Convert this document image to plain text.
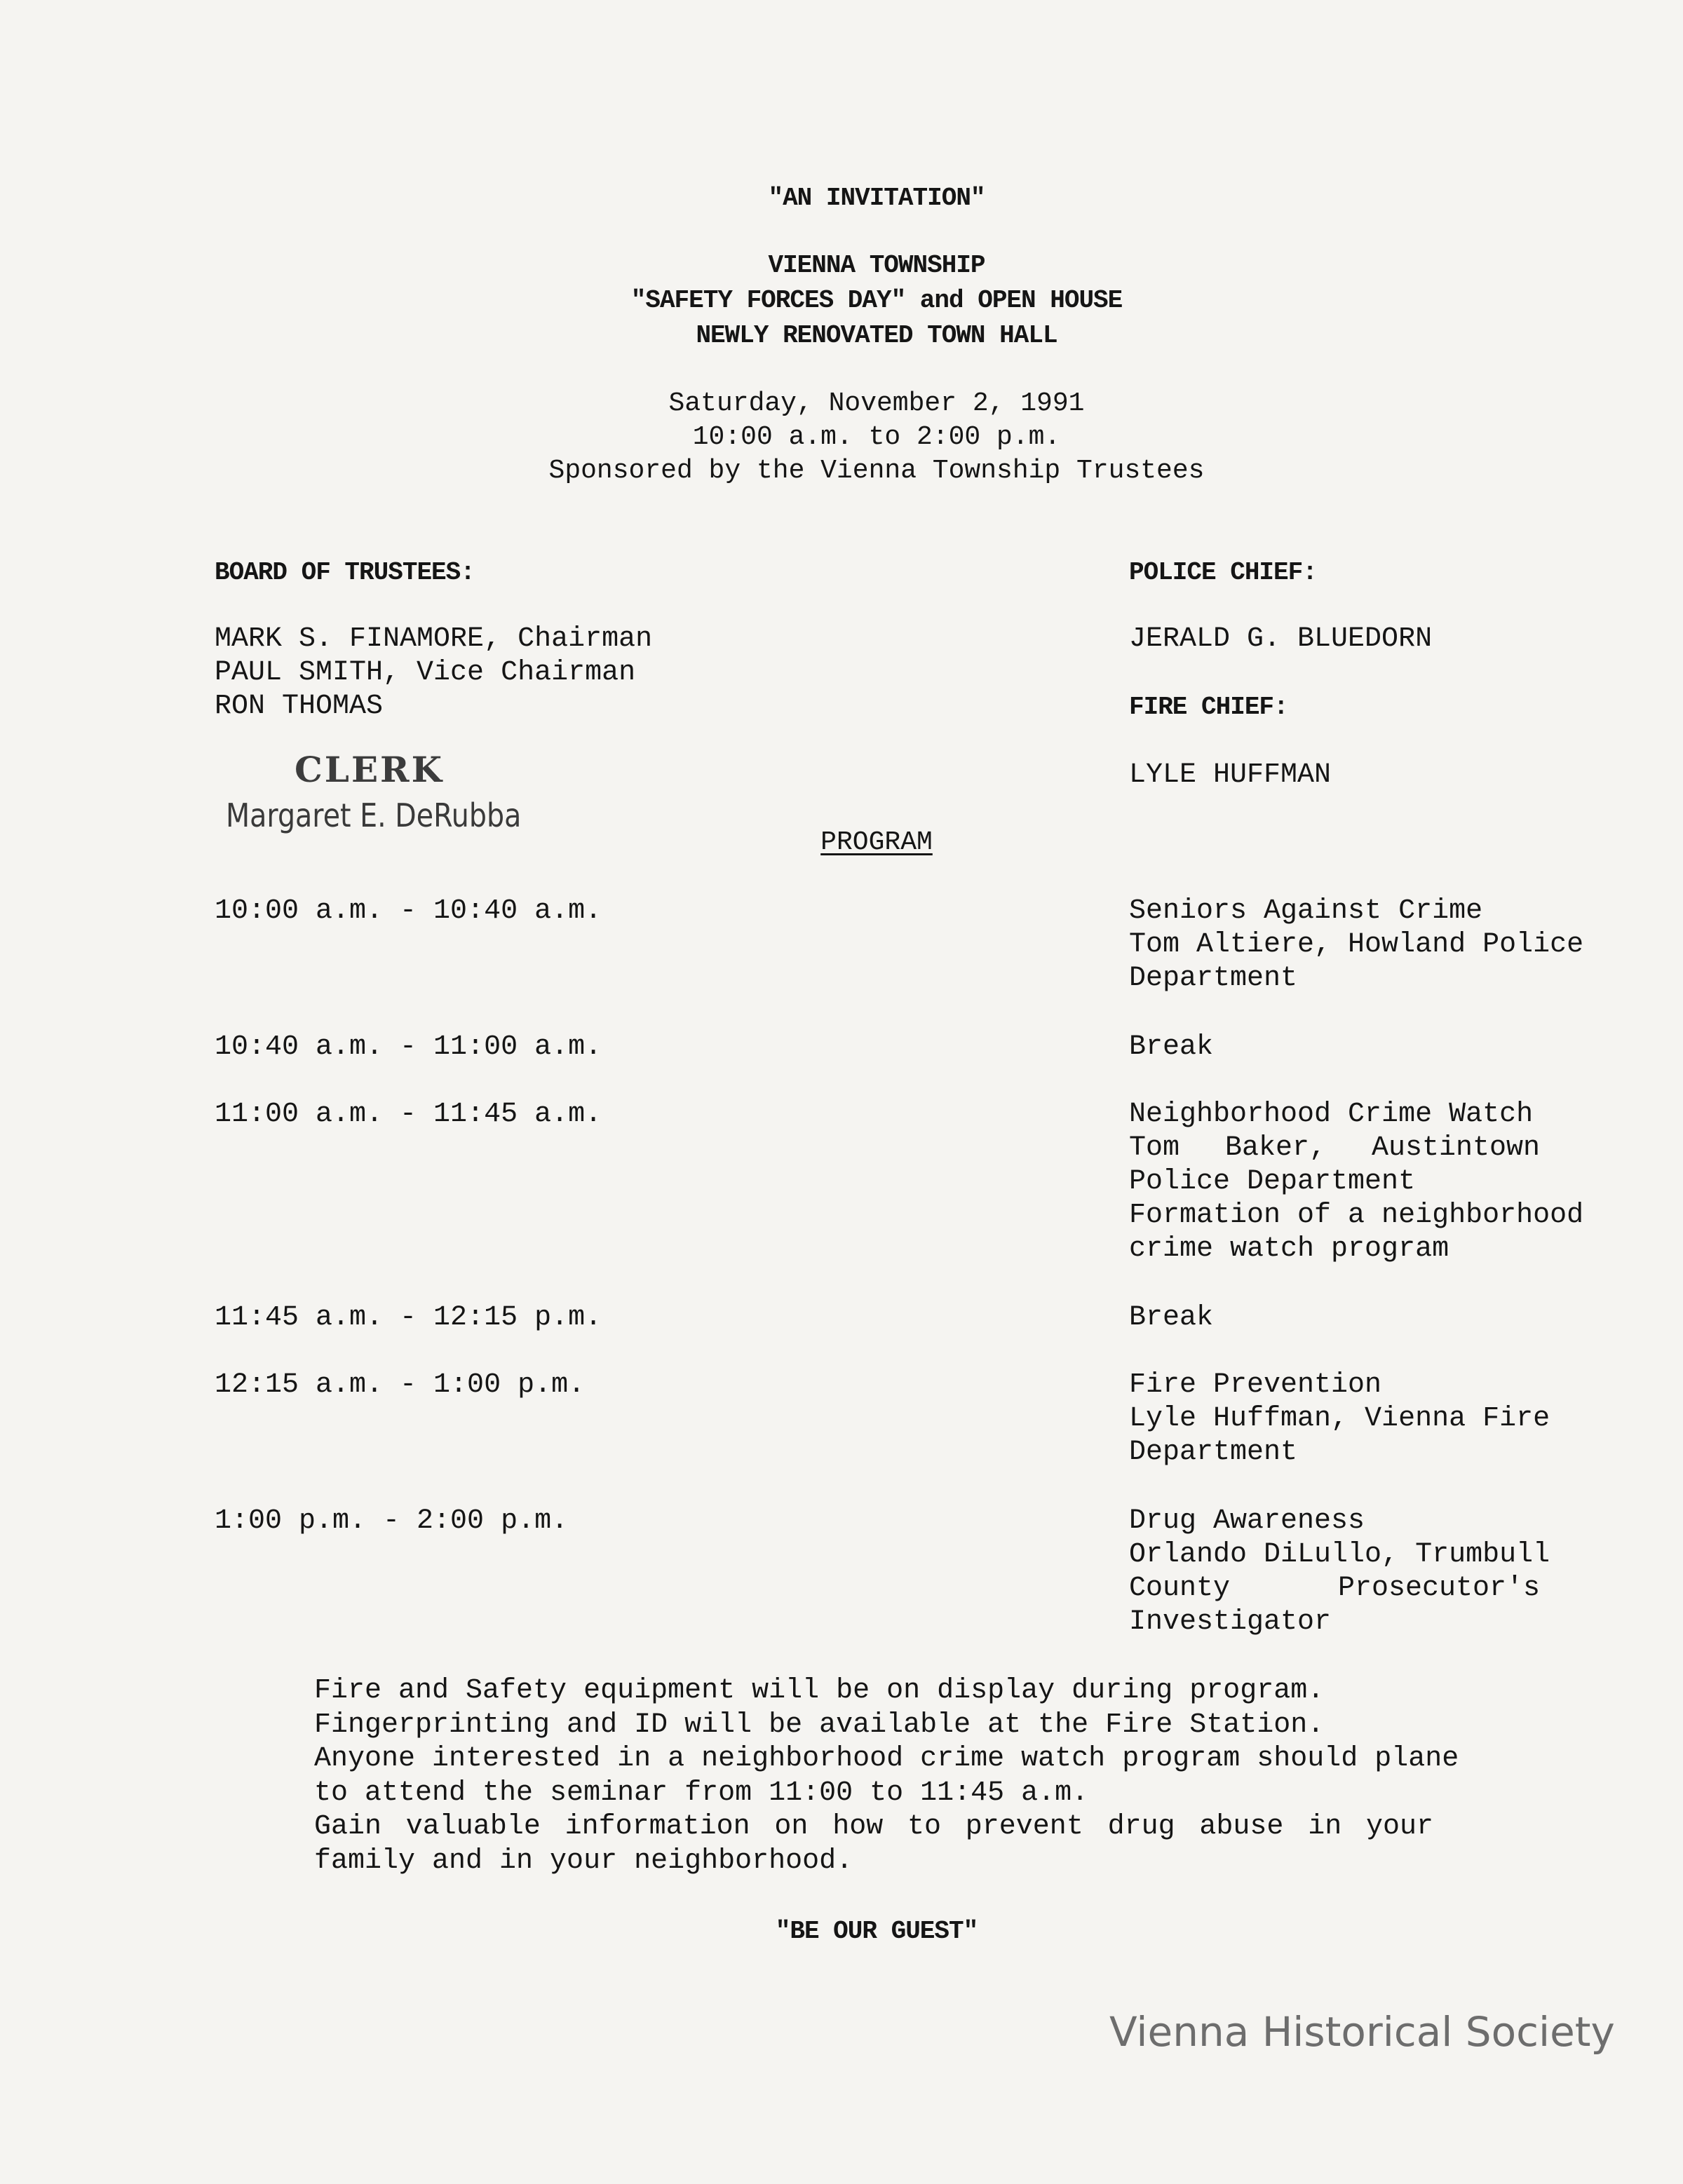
"AN INVITATION"
VIENNA TOWNSHIP
"SAFETY FORCES DAY" and OPEN HOUSE
NEWLY RENOVATED TOWN HALL
Saturday, November 2, 1991
10:00 a.m. to 2:00 p.m.
Sponsored by the Vienna Township Trustees
BOARD OF TRUSTEES:
MARK S. FINAMORE, Chairman
PAUL SMITH, Vice Chairman
RON THOMAS
CLERK
Margaret E. DeRubba
POLICE CHIEF:
JERALD G. BLUEDORN
FIRE CHIEF:
LYLE HUFFMAN
PROGRAM
10:00 a.m. - 10:40 a.m.	Seniors Against Crime
Tom Altiere, Howland Police
Department
10:40 a.m. - 11:00 a.m.	Break
11:00 a.m. - 11:45 a.m.	Neighborhood Crime Watch
Tom Baker, Austintown
Police Department
Formation of a neighborhood
crime watch program
11:45 a.m. - 12:15 p.m.	Break
12:15 a.m. - 1:00 p.m.	Fire Prevention
Lyle Huffman, Vienna Fire
Department
1:00 p.m. - 2:00 p.m.	Drug Awareness
Orlando DiLullo, Trumbull
County Prosecutor's
Investigator
Fire and Safety equipment will be on display during program.
Fingerprinting and ID will be available at the Fire Station.
Anyone interested in a neighborhood crime watch program should plane
to attend the seminar from 11:00 to 11:45 a.m.
Gain valuable information on how to prevent drug abuse in your
family and in your neighborhood.
"BE OUR GUEST"
Vienna Historical Society
